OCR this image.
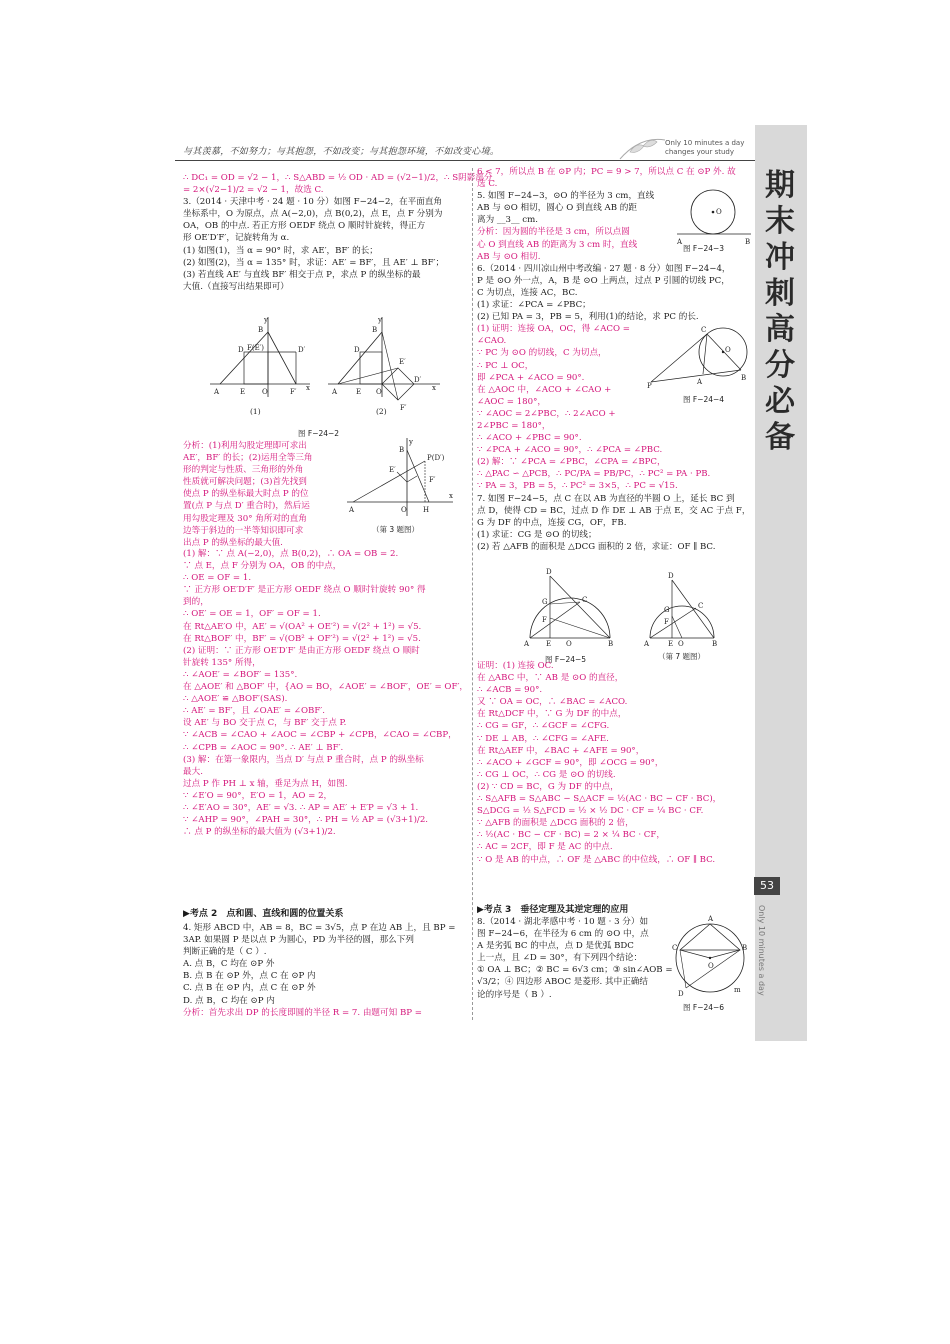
与其羡慕，不如努力；与其抱怨，不如改变；与其抱怨环境，不如改变心境。
Only 10 minutes a day
changes your study
期末冲刺高分必备
53
Only 10 minutes a day

∴ DC₁ = OD = √2 − 1，∴ S△ABD = ½ OD · AD = (√2−1)/2，∴ S阴影部分

= 2×(√2−1)/2 = √2 − 1，故选 C.

3.（2014 · 天津中考 · 24 题 · 10 分）如图 F−24−2，在平面直角

坐标系中，O 为原点，点 A(−2,0)，点 B(0,2)，点 E，点 F 分别为

OA，OB 的中点. 若正方形 OEDF 绕点 O 顺时针旋转，得正方

形 OE′D′F′，记旋转角为 α.

(1) 如图(1)，当 α = 90° 时，求 AE′，BF′ 的长；

(2) 如图(2)，当 α = 135° 时，求证：AE′ = BF′，且 AE′ ⊥ BF′；

(3) 若直线 AE′ 与直线 BF′ 相交于点 P，求点 P 的纵坐标的最

大值.（直接写出结果即可）

A	E O	F′ x
y
B
D F(E′)	D′
A	E O	x
y
B
D
E′
D′
F′
(1)	(2)
图 F−24−2

分析：(1)利用勾股定理即可求出

AE′，BF′ 的长；(2)运用全等三角

形的判定与性质、三角形的外角

性质就可解决问题；(3)首先找到

使点 P 的纵坐标最大时点 P 的位

置(点 P 与点 D′ 重合时)，然后运

用勾股定理及 30° 角所对的直角

边等于斜边的一半等知识即可求

出点 P 的纵坐标的最大值.

A	O H
x
y
B
P(D′)
E′
F′
（第 3 题图）

(1) 解：∵ 点 A(−2,0)，点 B(0,2)，∴ OA = OB = 2.

∵ 点 E，点 F 分别为 OA，OB 的中点，

∴ OE = OF = 1.

∵ 正方形 OE′D′F′ 是正方形 OEDF 绕点 O 顺时针旋转 90° 得

到的，

∴ OE′ = OE = 1，OF′ = OF = 1.

在 Rt△AE′O 中，AE′ = √(OA² + OE′²) = √(2² + 1²) = √5.

在 Rt△BOF′ 中，BF′ = √(OB² + OF′²) = √(2² + 1²) = √5.

(2) 证明：∵ 正方形 OE′D′F′ 是由正方形 OEDF 绕点 O 顺时

针旋转 135° 所得，

∴ ∠AOE′ = ∠BOF′ = 135°.

在 △AOE′ 和 △BOF′ 中，{AO = BO，∠AOE′ = ∠BOF′，OE′ = OF′，

∴ △AOE′ ≌ △BOF′(SAS).

∴ AE′ = BF′，且 ∠OAE′ = ∠OBF′.

设 AE′ 与 BO 交于点 C，与 BF′ 交于点 P.

∵ ∠ACB = ∠CAO + ∠AOC = ∠CBP + ∠CPB，∠CAO = ∠CBP，

∴ ∠CPB = ∠AOC = 90°. ∴ AE′ ⊥ BF′.

(3) 解：在第一象限内，当点 D′ 与点 P 重合时，点 P 的纵坐标

最大.

过点 P 作 PH ⊥ x 轴，垂足为点 H，如图.

∵ ∠E′O = 90°，E′O = 1，AO = 2，

∴ ∠E′AO = 30°，AE′ = √3. ∴ AP = AE′ + E′P = √3 + 1.

∵ ∠AHP = 90°，∠PAH = 30°，∴ PH = ½ AP = (√3+1)/2.

∴ 点 P 的纵坐标的最大值为 (√3+1)/2.

▶考点 2　点和圆、直线和圆的位置关系

4. 矩形 ABCD 中，AB = 8，BC = 3√5，点 P 在边 AB 上，且 BP =

3AP. 如果圆 P 是以点 P 为圆心，PD 为半径的圆，那么下列

判断正确的是（ C ）.

A. 点 B，C 均在 ⊙P 外

B. 点 B 在 ⊙P 外，点 C 在 ⊙P 内

C. 点 B 在 ⊙P 内，点 C 在 ⊙P 外

D. 点 B，C 均在 ⊙P 内

分析：首先求出 DP 的长度即圆的半径 R = 7. 由题可知 BP =

6 < 7，所以点 B 在 ⊙P 内；PC = 9 > 7，所以点 C 在 ⊙P 外. 故

选 C.

5. 如图 F−24−3，⊙O 的半径为 3 cm，直线

AB 与 ⊙O 相切，圆心 O 到直线 AB 的距

离为 __3__ cm.

分析：因为圆的半径是 3 cm，所以点圆

心 O 到直线 AB 的距离为 3 cm 时，直线

AB 与 ⊙O 相切.

6.（2014 · 四川凉山州中考改编 · 27 题 · 8 分）如图 F−24−4，

P 是 ⊙O 外一点，A，B 是 ⊙O 上两点，过点 P 引圆的切线 PC，

C 为切点，连接 AC，BC.

(1) 求证：∠PCA = ∠PBC；

(2) 已知 PA = 3，PB = 5，利用(1)的结论，求 PC 的长.

(1) 证明：连接 OA，OC，得 ∠ACO =

∠CAO.

∵ PC 为 ⊙O 的切线，C 为切点，

∴ PC ⊥ OC，

即 ∠PCA + ∠ACO = 90°.

在 △AOC 中，∠ACO + ∠CAO +

∠AOC = 180°，

∵ ∠AOC = 2∠PBC，∴ 2∠ACO +

2∠PBC = 180°，

∴ ∠ACO + ∠PBC = 90°.

∵ ∠PCA + ∠ACO = 90°，∴ ∠PCA = ∠PBC.

(2) 解：∵ ∠PCA = ∠PBC，∠CPA = ∠BPC，

∴ △PAC ∽ △PCB，∴ PC/PA = PB/PC，∴ PC² = PA · PB.

∵ PA = 3，PB = 5，∴ PC² = 3×5，∴ PC = √15.

7. 如图 F−24−5，点 C 在以 AB 为直径的半圆 O 上，延长 BC 到

点 D，使得 CD = BC，过点 D 作 DE ⊥ AB 于点 E，交 AC 于点 F，

G 为 DF 的中点，连接 CG，OF，FB.

(1) 求证：CG 是 ⊙O 的切线；

(2) 若 △AFB 的面积是 △DCG 面积的 2 倍，求证：OF ∥ BC.

O
A	B
图 F−24−3
P
C
A	B
O
图 F−24−4
A E O	B
D
G	C
F
A	E O	B
D
C
G
F
图 F−24−5	（第 7 题图）

证明：(1) 连接 OC.

在 △ABC 中，∵ AB 是 ⊙O 的直径，

∴ ∠ACB = 90°.

又 ∵ OA = OC，∴ ∠BAC = ∠ACO.

在 Rt△DCF 中，∵ G 为 DF 的中点，

∴ CG = GF，∴ ∠GCF = ∠CFG.

∵ DE ⊥ AB，∴ ∠CFG = ∠AFE.

在 Rt△AEF 中，∠BAC + ∠AFE = 90°，

∴ ∠ACO + ∠GCF = 90°，即 ∠OCG = 90°，

∴ CG ⊥ OC，∴ CG 是 ⊙O 的切线.

(2) ∵ CD = BC，G 为 DF 的中点，

∴ S△AFB = S△ABC − S△ACF = ½(AC · BC − CF · BC)，

S△DCG = ½ S△FCD = ½ × ½ DC · CF = ¼ BC · CF.

∵ △AFB 的面积是 △DCG 面积的 2 倍，

∴ ½(AC · BC − CF · BC) = 2 × ¼ BC · CF，

∴ AC = 2CF，即 F 是 AC 的中点.

∵ O 是 AB 的中点，∴ OF 是 △ABC 的中位线，∴ OF ∥ BC.

▶考点 3　垂径定理及其逆定理的应用

8.（2014 · 湖北孝感中考 · 10 题 · 3 分）如

图 F−24−6，在半径为 6 cm 的 ⊙O 中，点

A 是劣弧 BC 的中点，点 D 是优弧 BDC

上一点，且 ∠D = 30°，有下列四个结论：

① OA ⊥ BC；② BC = 6√3 cm；③ sin∠AOB =

√3/2；④ 四边形 ABOC 是菱形. 其中正确结

论的序号是（ B ）.

A
C	B
O
D	m
图 F−24−6
